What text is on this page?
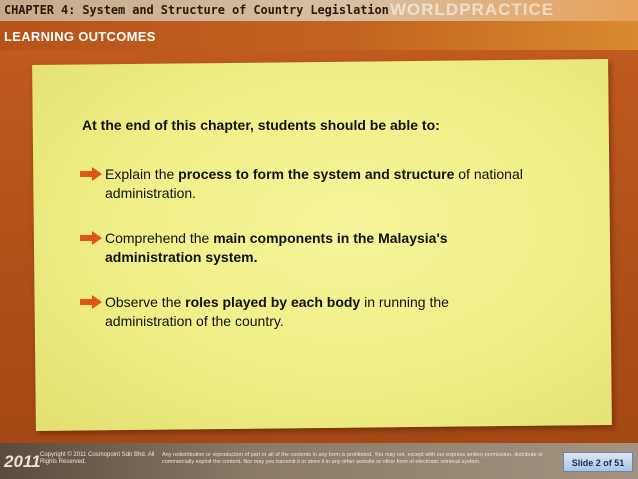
CHAPTER 4: System and Structure of Country Legislation WORLDPRACTICE
LEARNING OUTCOMES
At the end of this chapter, students should be able to:
Explain the process to form the system and structure of national administration.
Comprehend the main components in the Malaysia's administration system.
Observe the roles played by each body in running the administration of the country.
2011 Copyright © 2011 Cosmopoint Sdn Bhd. All Rights Reserved.
Any redistribution or reproduction of part or all of the contents in any form is prohibited. You may not, except with our express written permission, distribute or commercially exploit the content. Nor may you transmit it or store it in any other website or other form of electronic retrieval system.	Slide 2 of 51
